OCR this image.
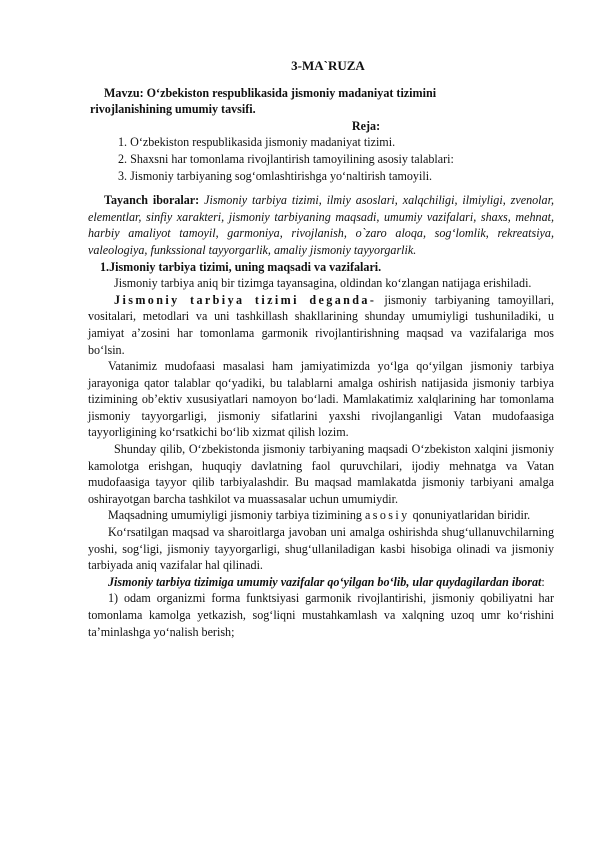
3-MA`RUZA
Mavzu: O‘zbekiston respublikasida jismoniy madaniyat tizimini
rivojlanishining umumiy tavsifi.
Reja:
1. O‘zbekiston respublikasida jismoniy madaniyat tizimi.
2. Shaxsni har tomonlama rivojlantirish tamoyilining asosiy talablari:
3. Jismoniy tarbiyaning sog‘omlashtirishga yo‘naltirish tamoyili.

Tayanch iboralar: Jismoniy tarbiya tizimi, ilmiy asoslari, xalqchiligi, ilmiyligi, zvenolar, elementlar, sinfiy xarakteri, jismoniy tarbiyaning maqsadi, umumiy vazifalari, shaxs, mehnat, harbiy amaliyot tamoyil, garmoniya, rivojlanish, o`zaro aloqa, sog‘lomlik, rekreatsiya, valeologiya, funkssional tayyorgarlik, amaliy jismoniy tayyorgarlik.

1.Jismoniy tarbiya tizimi, uning maqsadi va vazifalari.

Jismoniy tarbiya aniq bir tizimga tayansagina, oldindan ko‘zlangan natijaga erishiladi.

Jismoniy tarbiya tizimi deganda- jismoniy tarbiyaning tamoyillari, vositalari, metodlari va uni tashkillash shakllarining shunday umumiyligi tushuniladiki, u jamiyat a’zosini har tomonlama garmonik rivojlantirishning maqsad va vazifalariga mos bo‘lsin.

Vatanimiz mudofaasi masalasi ham jamiyatimizda yo‘lga qo‘yilgan jismoniy tarbiya jarayoniga qator talablar qo‘yadiki, bu talablarni amalga oshirish natijasida jismoniy tarbiya tizimining ob’ektiv xususiyatlari namoyon bo‘ladi. Mamlakatimiz xalqlarining har tomonlama jismoniy tayyorgarligi, jismoniy sifatlarini yaxshi rivojlanganligi Vatan mudofaasiga tayyorligining ko‘rsatkichi bo‘lib xizmat qilish lozim.

Shunday qilib, O‘zbekistonda jismoniy tarbiyaning maqsadi O‘zbekiston xalqini jismoniy kamolotga erishgan, huquqiy davlatning faol quruvchilari, ijodiy mehnatga va Vatan mudofaasiga tayyor qilib tarbiyalashdir. Bu maqsad mamlakatda jismoniy tarbiyani amalga oshirayotgan barcha tashkilot va muassasalar uchun umumiydir.

Maqsadning umumiyligi jismoniy tarbiya tizimining asosiy qonuniyatlaridan biridir.

Ko‘rsatilgan maqsad va sharoitlarga javoban uni amalga oshirishda shug‘ullanuvchilarning yoshi, sog‘ligi, jismoniy tayyorgarligi, shug‘ullaniladigan kasbi hisobiga olinadi va jismoniy tarbiyada aniq vazifalar hal qilinadi.

Jismoniy tarbiya tizimiga umumiy vazifalar qo‘yilgan bo‘lib, ular quydagilardan iborat:

1) odam organizmi forma funktsiyasi garmonik rivojlantirishi, jismoniy qobiliyatni har tomonlama kamolga yetkazish, sog‘liqni mustahkamlash va xalqning uzoq umr ko‘rishini ta’minlashga yo‘nalish berish;
